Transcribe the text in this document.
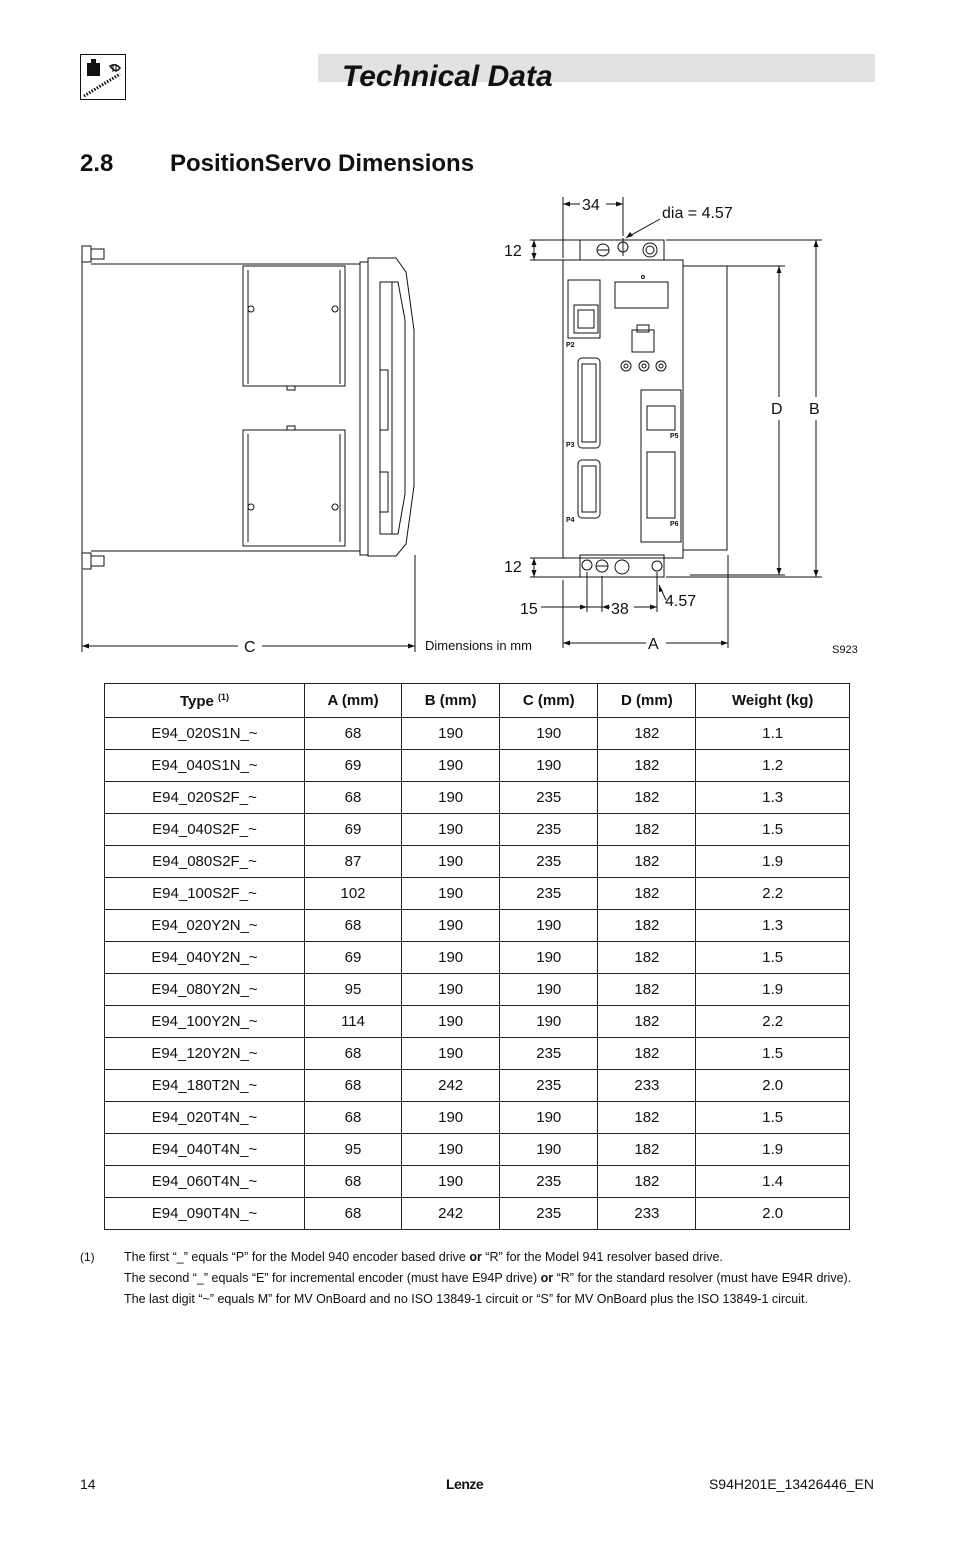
Technical Data
2.8 PositionServo Dimensions
34	dia = 4.57
12
12
15	38 4.57
A
B
C
D
Dimensions in mm	S923
P2
P3
P4
P5
P6
Type $^{(1)}$	A (mm)	B (mm)	C (mm)	D (mm)	Weight (kg)
E94_020S1N_~	68	190	190	182	1.1
E94_040S1N_~	69	190	190	182	1.2
E94_020S2F_~	68	190	235	182	1.3
E94_040S2F_~	69	190	235	182	1.5
E94_080S2F_~	87	190	235	182	1.9
E94_100S2F_~	102	190	235	182	2.2
E94_020Y2N_~	68	190	190	182	1.3
E94_040Y2N_~	69	190	190	182	1.5
E94_080Y2N_~	95	190	190	182	1.9
E94_100Y2N_~	114	190	190	182	2.2
E94_120Y2N_~	68	190	235	182	1.5
E94_180T2N_~	68	242	235	233	2.0
E94_020T4N_~	68	190	190	182	1.5
E94_040T4N_~	95	190	190	182	1.9
E94_060T4N_~	68	190	235	182	1.4
E94_090T4N_~	68	242	235	233	2.0
(1) The first “_” equals “P” for the Model 940 encoder based drive or “R” for the Model 941 resolver based drive.
The second “_” equals “E” for incremental encoder (must have E94P drive) or “R” for the standard resolver (must have E94R drive).
The last digit “~” equals M” for MV OnBoard and no ISO 13849-1 circuit or “S” for MV OnBoard plus the ISO 13849-1 circuit.
14	Lenze	S94H201E_13426446_EN
